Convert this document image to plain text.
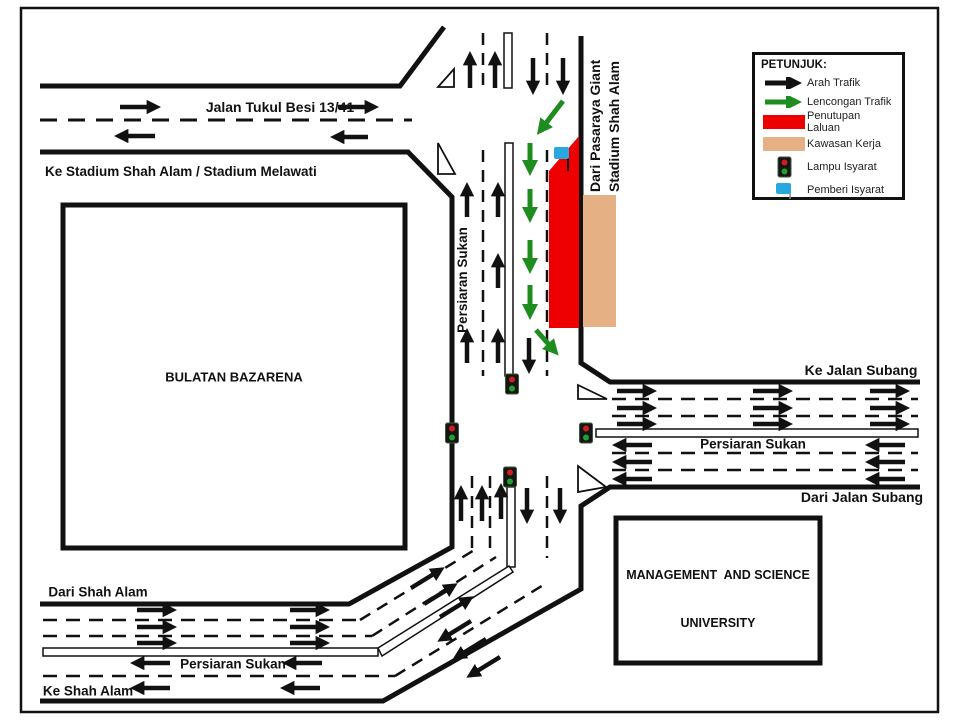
Jalan Tukul Besi 13/41
Ke Stadium Shah Alam / Stadium Melawati
Persiaran Sukan
Dari Pasaraya Giant Stadium Shah Alam
BULATAN BAZARENA	Ke Jalan Subang
Persiaran Sukan
Dari Jalan Subang

MANAGEMENT  AND SCIENCE

UNIVERSITY

Dari Shah Alam
Persiaran Sukan
Ke Shah Alam
PETUNJUK:
Arah Trafik
Lencongan Trafik
Penutupan Laluan
Kawasan Kerja
Lampu Isyarat
Pemberi Isyarat
